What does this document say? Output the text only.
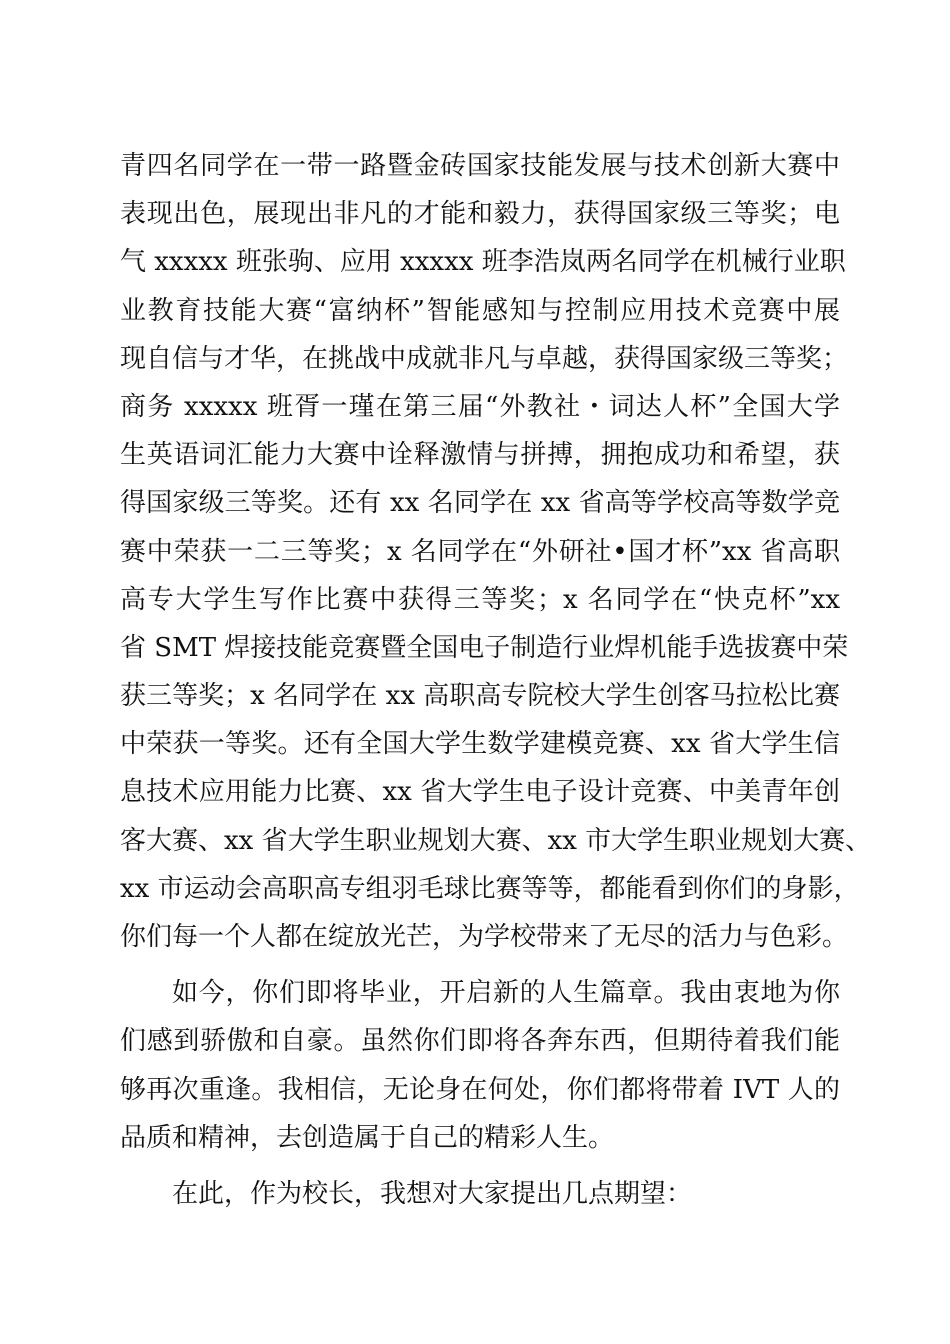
青四名同学在一带一路暨金砖国家技能发展与技术创新大赛中
表现出色，展现出非凡的才能和毅力，获得国家级三等奖；电
气 xxxxx 班张驹、应用 xxxxx 班李浩岚两名同学在机械行业职
业教育技能大赛“富纳杯”智能感知与控制应用技术竞赛中展
现自信与才华，在挑战中成就非凡与卓越，获得国家级三等奖；
商务 xxxxx 班胥一瑾在第三届“外教社・词达人杯”全国大学
生英语词汇能力大赛中诠释激情与拼搏，拥抱成功和希望，获
得国家级三等奖。还有 xx 名同学在 xx 省高等学校高等数学竞
赛中荣获一二三等奖；x 名同学在“外研社•国才杯”xx 省高职
高专大学生写作比赛中获得三等奖；x 名同学在“快克杯”xx
省 SMT 焊接技能竞赛暨全国电子制造行业焊机能手选拔赛中荣
获三等奖；x 名同学在 xx 高职高专院校大学生创客马拉松比赛
中荣获一等奖。还有全国大学生数学建模竞赛、xx 省大学生信
息技术应用能力比赛、xx 省大学生电子设计竞赛、中美青年创
客大赛、xx 省大学生职业规划大赛、xx 市大学生职业规划大赛、
xx 市运动会高职高专组羽毛球比赛等等，都能看到你们的身影，
你们每一个人都在绽放光芒，为学校带来了无尽的活力与色彩。
如今，你们即将毕业，开启新的人生篇章。我由衷地为你
们感到骄傲和自豪。虽然你们即将各奔东西，但期待着我们能
够再次重逢。我相信，无论身在何处，你们都将带着 IVT 人的
品质和精神，去创造属于自己的精彩人生。
在此，作为校长，我想对大家提出几点期望：
